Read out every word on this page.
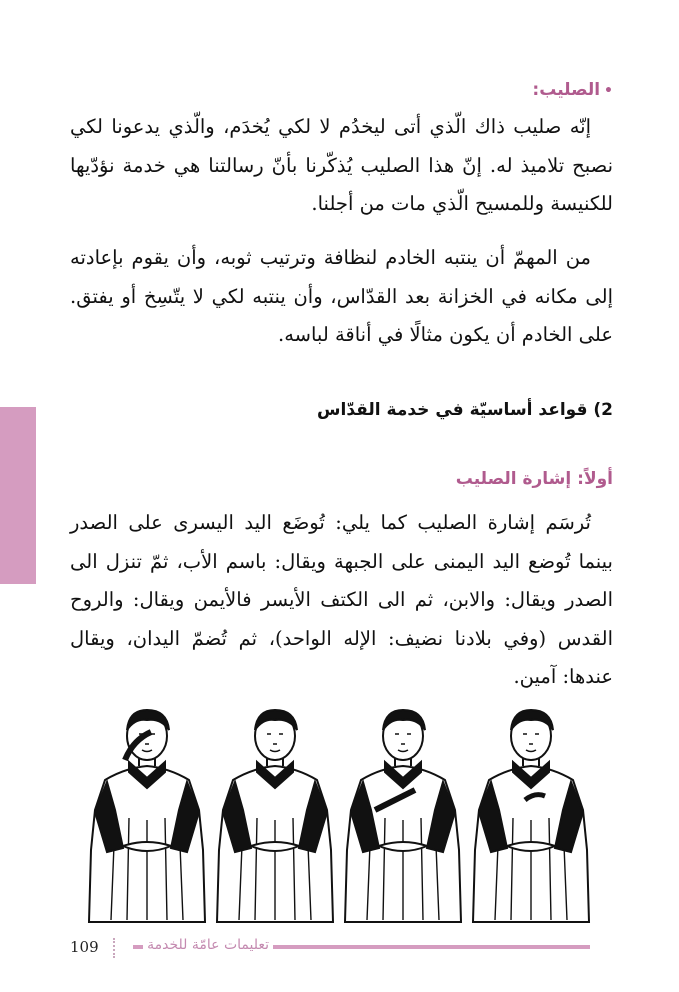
•الصليب:
إنّه صليب ذاك الّذي أتى ليخدُم لا لكي يُخدَم، والّذي يدعونا لكي نصبح تلاميذ له. إنّ هذا الصليب يُذكّرنا بأنّ رسالتنا هي خدمة نؤدّيها للكنيسة وللمسيح الّذي مات من أجلنا.
من المهمّ أن ينتبه الخادم لنظافة وترتيب ثوبه، وأن يقوم بإعادته إلى مكانه في الخزانة بعد القدّاس، وأن ينتبه لكي لا يتّسِخ أو يفتق. على الخادم أن يكون مثالًا في أناقة لباسه.
2) قواعد أساسيّة في خدمة القدّاس
أولاً: إشارة الصليب
تُرسَم إشارة الصليب كما يلي: تُوضَع اليد اليسرى على الصدر بينما تُوضع اليد اليمنى على الجبهة ويقال: باسم الأب، ثمّ تنزل الى الصدر ويقال: والابن، ثم الى الكتف الأيسر فالأيمن ويقال: والروح القدس (وفي بلادنا نضيف: الإله الواحد)، ثم تُضمّ اليدان، ويقال عندها: آمين.
تعليمات عامّة للخدمة
109
